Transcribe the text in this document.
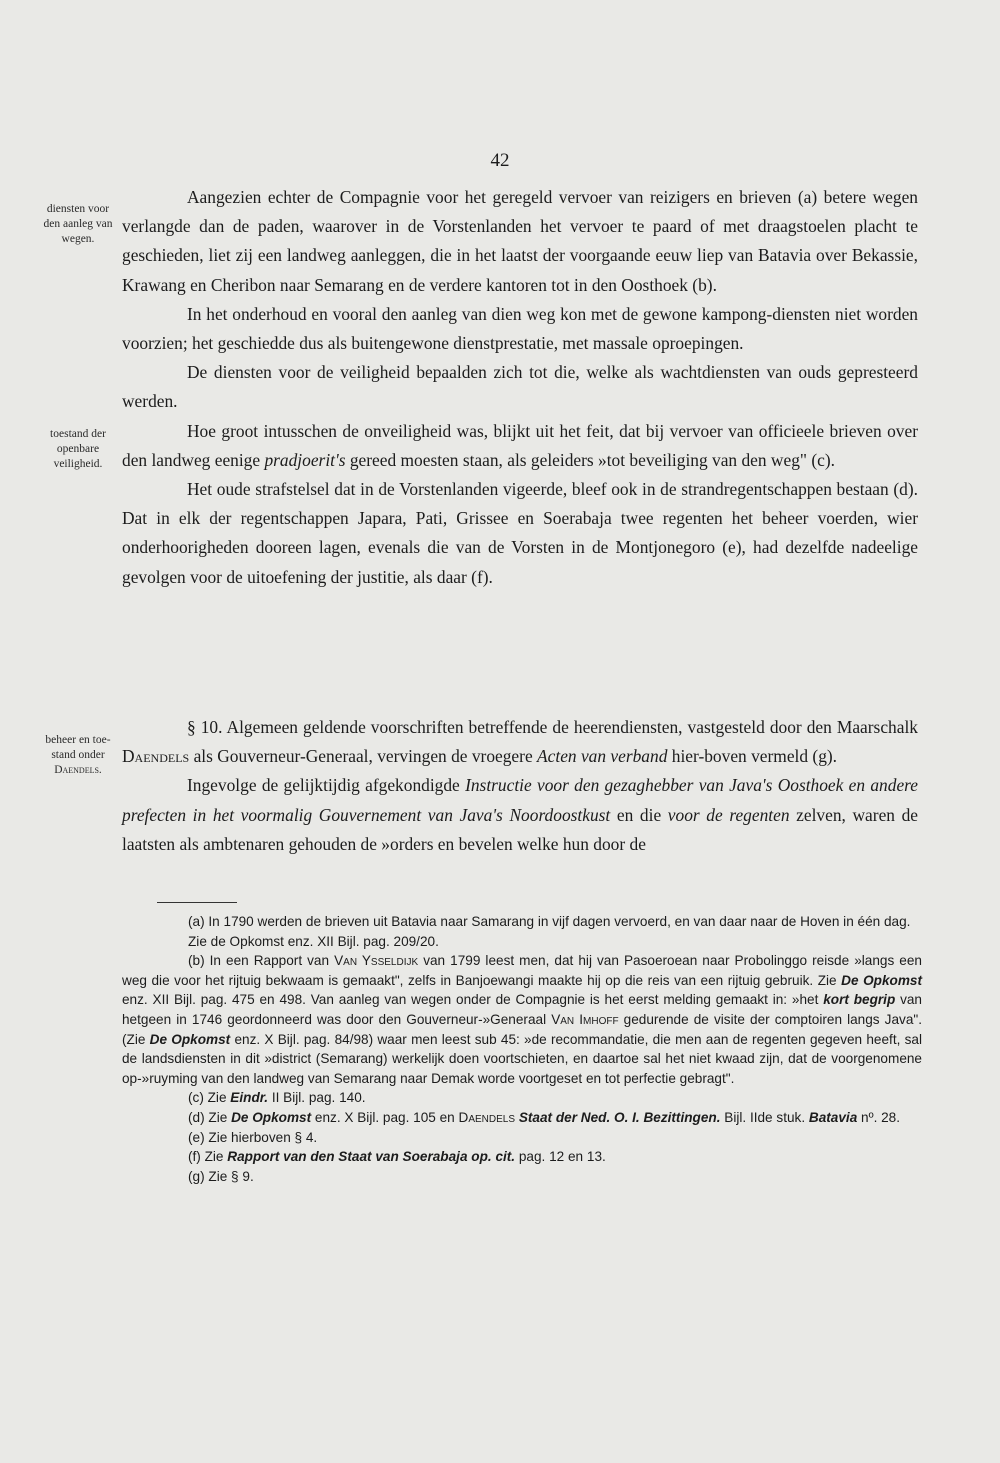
42
diensten voor
den aanleg van
wegen.
toestand der
openbare
veiligheid.
beheer en toe-
stand onder
Daendels.

Aangezien echter de Compagnie voor het geregeld vervoer van reizigers en brieven (a) betere wegen verlangde dan de paden, waarover in de Vorstenlanden het vervoer te paard of met draagstoelen placht te geschieden, liet zij een landweg aanleggen, die in het laatst der voorgaande eeuw liep van Batavia over Bekassie, Krawang en Cheribon naar Semarang en de verdere kantoren tot in den Oosthoek (b).

In het onderhoud en vooral den aanleg van dien weg kon met de gewone kampong-diensten niet worden voorzien; het geschiedde dus als buitengewone dienstprestatie, met massale oproepingen.

De diensten voor de veiligheid bepaalden zich tot die, welke als wachtdiensten van ouds gepresteerd werden.

Hoe groot intusschen de onveiligheid was, blijkt uit het feit, dat bij vervoer van officieele brieven over den landweg eenige pradjoerit's gereed moesten staan, als geleiders »tot beveiliging van den weg" (c).

Het oude strafstelsel dat in de Vorstenlanden vigeerde, bleef ook in de strandregentschappen bestaan (d). Dat in elk der regentschappen Japara, Pati, Grissee en Soerabaja twee regenten het beheer voerden, wier onderhoorigheden dooreen lagen, evenals die van de Vorsten in de Montjonegoro (e), had dezelfde nadeelige gevolgen voor de uitoefening der justitie, als daar (f).

§ 10. Algemeen geldende voorschriften betreffende de heerendiensten, vastgesteld door den Maarschalk Daendels als Gouverneur-Generaal, vervingen de vroegere Acten van verband hier-boven vermeld (g).

Ingevolge de gelijktijdig afgekondigde Instructie voor den gezaghebber van Java's Oosthoek en andere prefecten in het voormalig Gouvernement van Java's Noordoostkust en die voor de regenten zelven, waren de laatsten als ambtenaren gehouden de »orders en bevelen welke hun door de

(a) In 1790 werden de brieven uit Batavia naar Samarang in vijf dagen vervoerd, en van daar naar de Hoven in één dag.

Zie de Opkomst enz. XII Bijl. pag. 209/20.

(b) In een Rapport van Van Ysseldijk van 1799 leest men, dat hij van Pasoeroean naar Probolinggo reisde »langs een weg die voor het rijtuig bekwaam is gemaakt", zelfs in Banjoewangi maakte hij op die reis van een rijtuig gebruik. Zie De Opkomst enz. XII Bijl. pag. 475 en 498. Van aanleg van wegen onder de Compagnie is het eerst melding gemaakt in: »het kort begrip van hetgeen in 1746 geordonneerd was door den Gouverneur-»Generaal Van Imhoff gedurende de visite der comptoiren langs Java". (Zie De Opkomst enz. X Bijl. pag. 84/98) waar men leest sub 45: »de recommandatie, die men aan de regenten gegeven heeft, sal de landsdiensten in dit »district (Semarang) werkelijk doen voortschieten, en daartoe sal het niet kwaad zijn, dat de voorgenomene op-»ruyming van den landweg van Semarang naar Demak worde voortgeset en tot perfectie gebragt".

(c) Zie Eindr. II Bijl. pag. 140.

(d) Zie De Opkomst enz. X Bijl. pag. 105 en Daendels Staat der Ned. O. I. Bezittingen. Bijl. IIde stuk. Batavia nº. 28.

(e) Zie hierboven § 4.

(f) Zie Rapport van den Staat van Soerabaja op. cit. pag. 12 en 13.

(g) Zie § 9.
